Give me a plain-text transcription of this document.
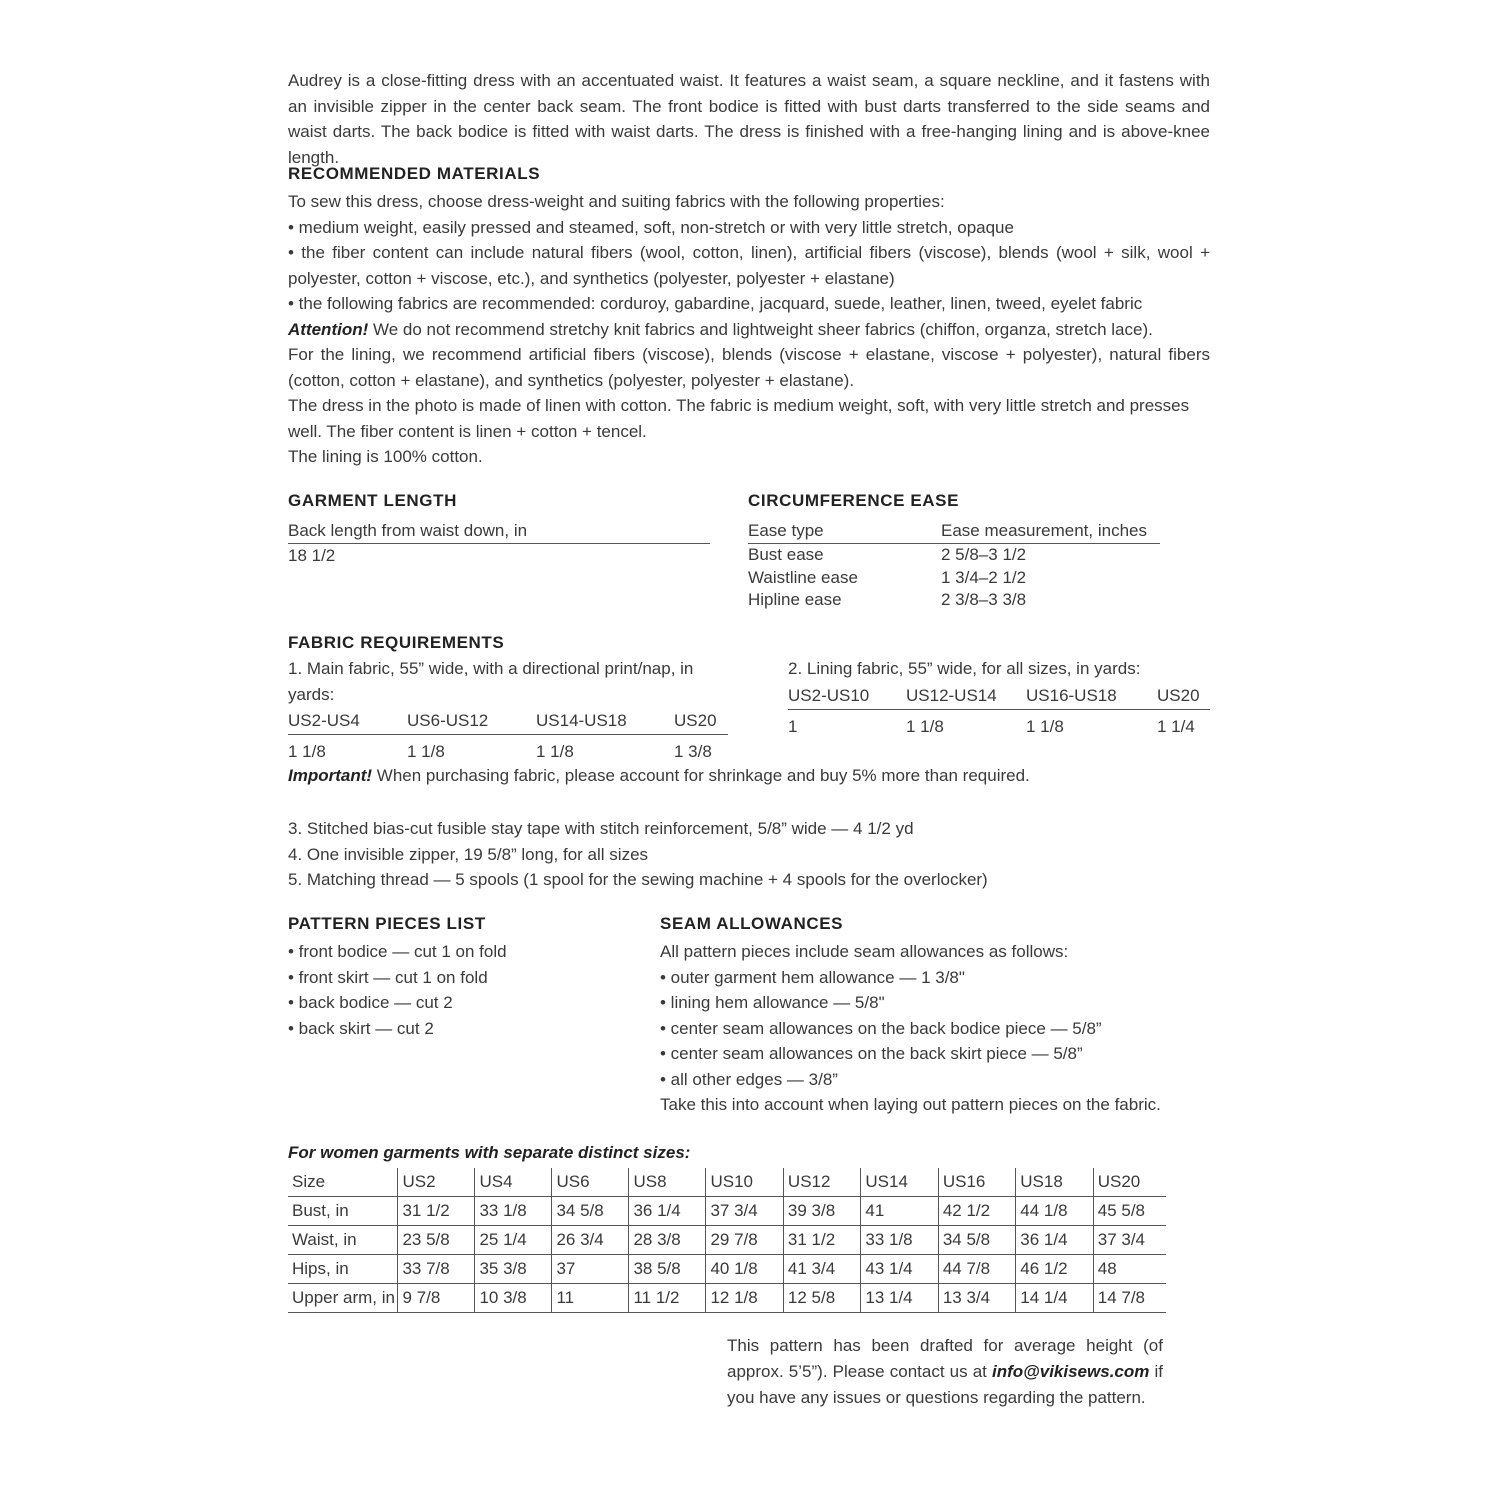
Audrey is a close-fitting dress with an accentuated waist. It features a waist seam, a square neckline, and it fastens with an invisible zipper in the center back seam. The front bodice is fitted with bust darts transferred to the side seams and waist darts. The back bodice is fitted with waist darts. The dress is finished with a free-hanging lining and is above-knee length.

RECOMMENDED MATERIALS

To sew this dress, choose dress-weight and suiting fabrics with the following properties:

• medium weight, easily pressed and steamed, soft, non-stretch or with very little stretch, opaque

• the fiber content can include natural fibers (wool, cotton, linen), artificial fibers (viscose), blends (wool + silk, wool + polyester, cotton + viscose, etc.), and synthetics (polyester, polyester + elastane)

• the following fabrics are recommended: corduroy, gabardine, jacquard, suede, leather, linen, tweed, eyelet fabric

Attention! We do not recommend stretchy knit fabrics and lightweight sheer fabrics (chiffon, organza, stretch lace).

For the lining, we recommend artificial fibers (viscose), blends (viscose + elastane, viscose + polyester), natural fibers (cotton, cotton + elastane), and synthetics (polyester, polyester + elastane).

The dress in the photo is made of linen with cotton. The fabric is medium weight, soft, with very little stretch and presses well. The fiber content is linen + cotton + tencel.

The lining is 100% cotton.

GARMENT LENGTH
Back length from waist down, in
18 1/2
CIRCUMFERENCE EASE
Ease type	Ease measurement, inches
Bust ease	2 5/8–3 1/2
Waistline ease	1 3/4–2 1/2
Hipline ease	2 3/8–3 3/8
FABRIC REQUIREMENTS
1. Main fabric, 55” wide, with a directional print/nap, in yards:
US2-US4	US6-US12	US14-US18	US20
1 1/8	1 1/8	1 1/8	1 3/8
2. Lining fabric, 55” wide, for all sizes, in yards:
US2-US10	US12-US14	US16-US18	US20
1	1 1/8	1 1/8	1 1/4

Important! When purchasing fabric, please account for shrinkage and buy 5% more than required.

3. Stitched bias-cut fusible stay tape with stitch reinforcement, 5/8” wide — 4 1/2 yd

4. One invisible zipper, 19 5/8” long, for all sizes

5. Matching thread — 5 spools (1 spool for the sewing machine + 4 spools for the overlocker)

PATTERN PIECES LIST

• front bodice — cut 1 on fold

• front skirt — cut 1 on fold

• back bodice — cut 2

• back skirt — cut 2

SEAM ALLOWANCES

All pattern pieces include seam allowances as follows:

• outer garment hem allowance — 1 3/8"

• lining hem allowance — 5/8"

• center seam allowances on the back bodice piece — 5/8”

• center seam allowances on the back skirt piece — 5/8”

• all other edges — 3/8”

Take this into account when laying out pattern pieces on the fabric.

For women garments with separate distinct sizes:

Size	US2	US4	US6	US8	US10	US12	US14	US16	US18	US20
Bust, in	31 1/2	33 1/8	34 5/8	36 1/4	37 3/4	39 3/8	41	42 1/2	44 1/8	45 5/8
Waist, in	23 5/8	25 1/4	26 3/4	28 3/8	29 7/8	31 1/2	33 1/8	34 5/8	36 1/4	37 3/4
Hips, in	33 7/8	35 3/8	37	38 5/8	40 1/8	41 3/4	43 1/4	44 7/8	46 1/2	48
Upper arm, in	9 7/8	10 3/8	11	11 1/2	12 1/8	12 5/8	13 1/4	13 3/4	14 1/4	14 7/8

This pattern has been drafted for average height (of approx. 5’5”). Please contact us at info@vikisews.com if you have any issues or questions regarding the pattern.
